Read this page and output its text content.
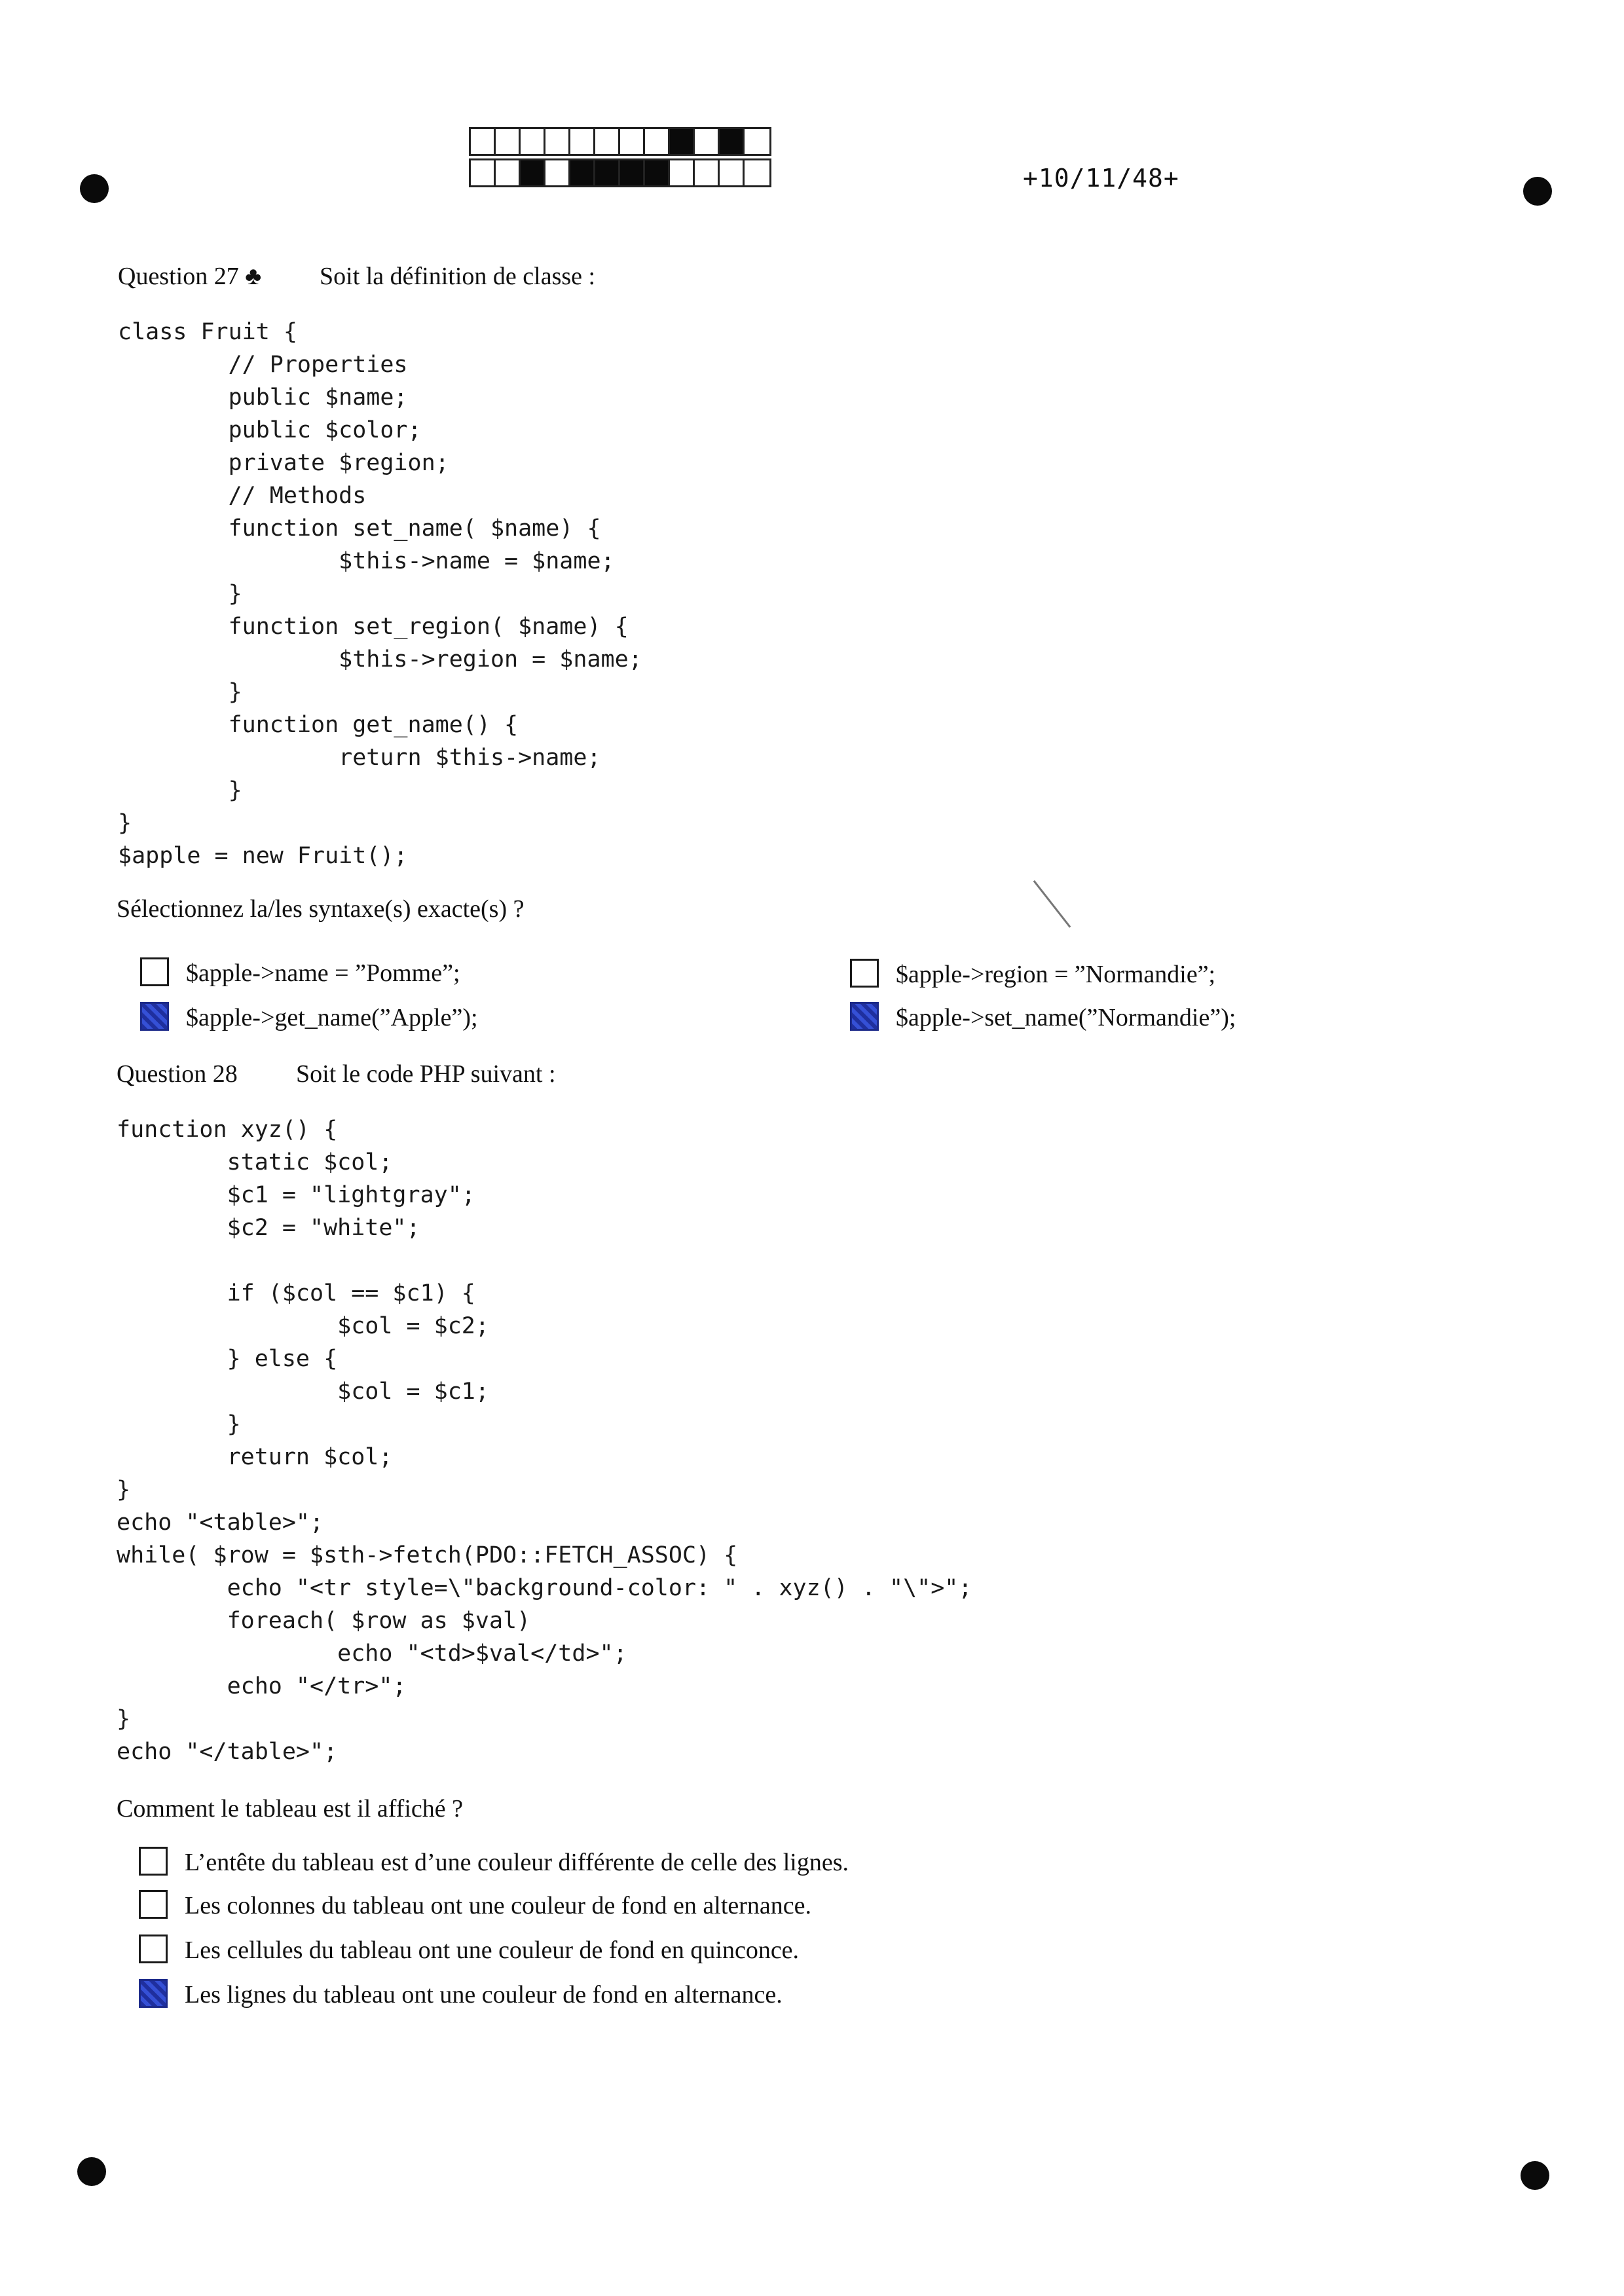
+10/11/48+
Question 27 ♣ Soit la définition de classe :
class Fruit {
// Properties
public $name;
public $color;
private $region;
// Methods
function set_name( $name) {
$this->name = $name;
}
function set_region( $name) {
$this->region = $name;
}
function get_name() {
return $this->name;
}
}
$apple = new Fruit();
Sélectionnez la/les syntaxe(s) exacte(s) ?
$apple->name = ”Pomme”;	$apple->region = ”Normandie”;
$apple->get_name(”Apple”);	$apple->set_name(”Normandie”);
Question 28 Soit le code PHP suivant :
function xyz() {
static $col;
$c1 = "lightgray";
$c2 = "white";

if ($col == $c1) {
$col = $c2;
} else {
$col = $c1;
}
return $col;
}
echo "<table>";
while( $row = $sth->fetch(PDO::FETCH_ASSOC) {
echo "<tr style=\"background-color: " . xyz() . "\">";
foreach( $row as $val)
echo "<td>$val</td>";
echo "</tr>";
}
echo "</table>";
Comment le tableau est il affiché ?
L’entête du tableau est d’une couleur différente de celle des lignes.
Les colonnes du tableau ont une couleur de fond en alternance.
Les cellules du tableau ont une couleur de fond en quinconce.
Les lignes du tableau ont une couleur de fond en alternance.
